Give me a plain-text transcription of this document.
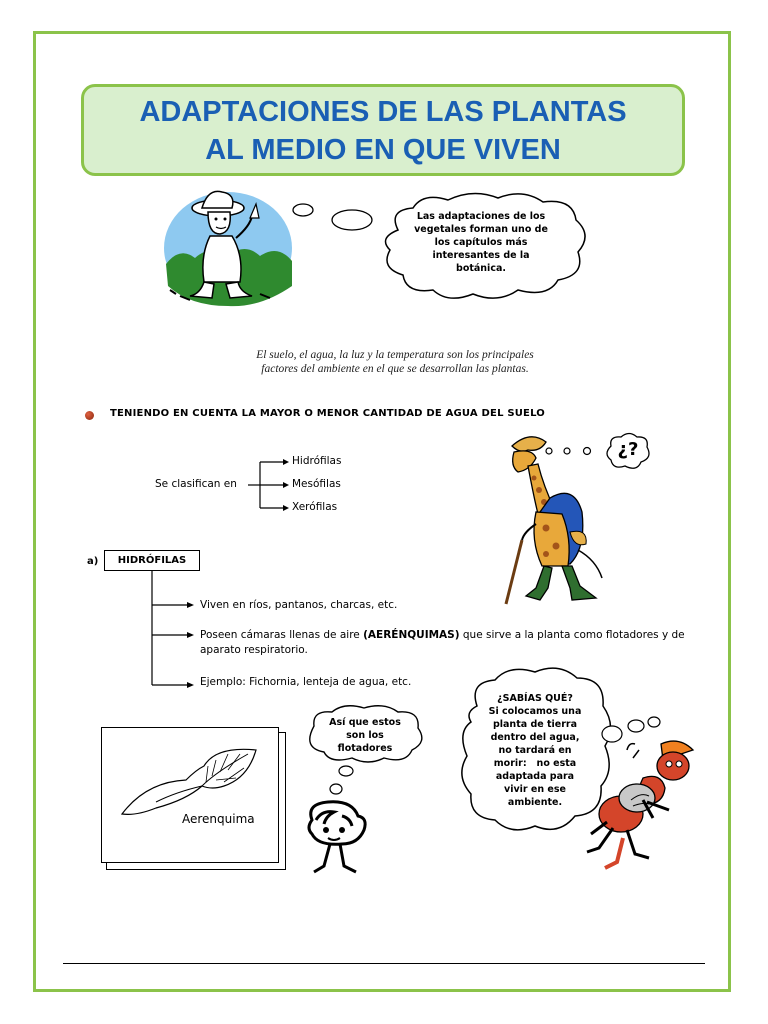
ADAPTACIONES DE LAS PLANTAS
AL MEDIO EN QUE VIVEN
Las adaptaciones de los vegetales forman uno de los capítulos más interesantes de la botánica.
El suelo, el agua, la luz y la temperatura son los principales
factores del ambiente en el que se desarrollan las plantas.
TENIENDO EN CUENTA LA MAYOR O MENOR CANTIDAD DE AGUA DEL SUELO
Se clasifican en
Hidrófilas
Mesófilas
Xerófilas
¿?
a)	HIDRÓFILAS
Viven en ríos, pantanos, charcas, etc.
Poseen cámaras llenas de aire (AERÉNQUIMAS) que sirve a la planta como flotadores y de
aparato respiratorio.
Ejemplo: Fichornia, lenteja de agua, etc.
Aerenquima
Así que estos
son los
flotadores
¿SABÍAS QUÉ?
Si colocamos una
planta de tierra
dentro del agua,
no tardará en
morir:   no esta
adaptada para
vivir en ese
ambiente.
